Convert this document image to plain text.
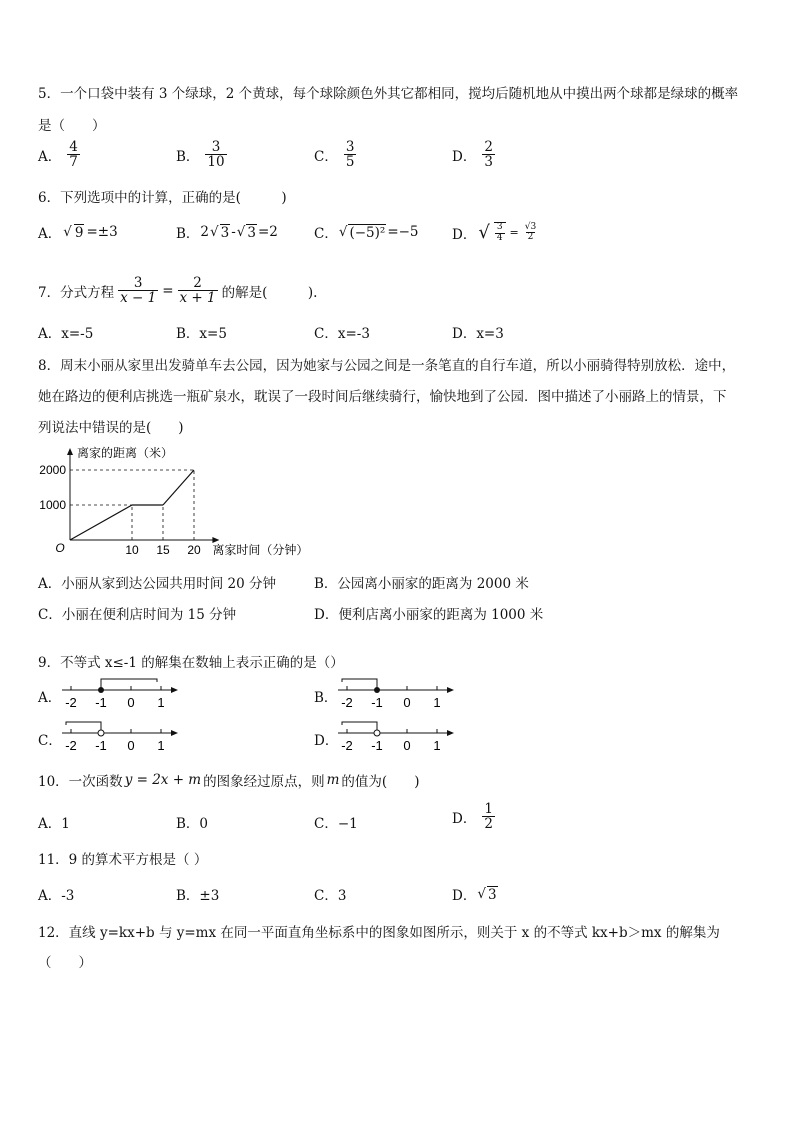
5．一个口袋中装有 3 个绿球，2 个黄球，每个球除颜色外其它都相同，搅均后随机地从中摸出两个球都是绿球的概率
是（　　）
A． $\frac{4}{7}$	B． $\frac{3}{10}$	C． $\frac{3}{5}$	D． $\frac{2}{3}$
6．下列选项中的计算，正确的是(　　　)
A． √ 9 =±3	B． 2 √ 3 - √ 3 =2	C． √ (−5)² =−5 D． √ $\frac{3}{4} = \frac{√3}{2}$
7．分式方程 $\frac{3}{x - 1} = \frac{2}{x + 1}$ 的解是(　　　).
A．x=-5	B．x=5	C．x=-3	D．x=3
8．周末小丽从家里出发骑单车去公园，因为她家与公园之间是一条笔直的自行车道，所以小丽骑得特别放松．途中，
她在路边的便利店挑选一瓶矿泉水，耽误了一段时间后继续骑行，愉快地到了公园．图中描述了小丽路上的情景，下
列说法中错误的是(　　)
1000
2000
10 15 20
O
离家的距离（米）
离家时间（分钟）
A．小丽从家到达公园共用时间 20 分钟	B．公园离小丽家的距离为 2000 米
C．小丽在便利店时间为 15 分钟	D．便利店离小丽家的距离为 1000 米
9．不等式 x≤-1 的解集在数轴上表示正确的是（）
A． -2 -1 0 1	B． -2 -1 0 1
C． -2 -1 0 1	D． -2 -1 0 1
10．一次函数 y = 2x + m 的图象经过原点，则 m 的值为(　　)
A．1	B．0	C．−1	D． $\frac{1}{2}$
11．9 的算术平方根是（ ）
A．-3	B．±3	C．3	D． √ 3
12．直线 y=kx+b 与 y=mx 在同一平面直角坐标系中的图象如图所示，则关于 x 的不等式 kx+b＞mx 的解集为
（　　）
